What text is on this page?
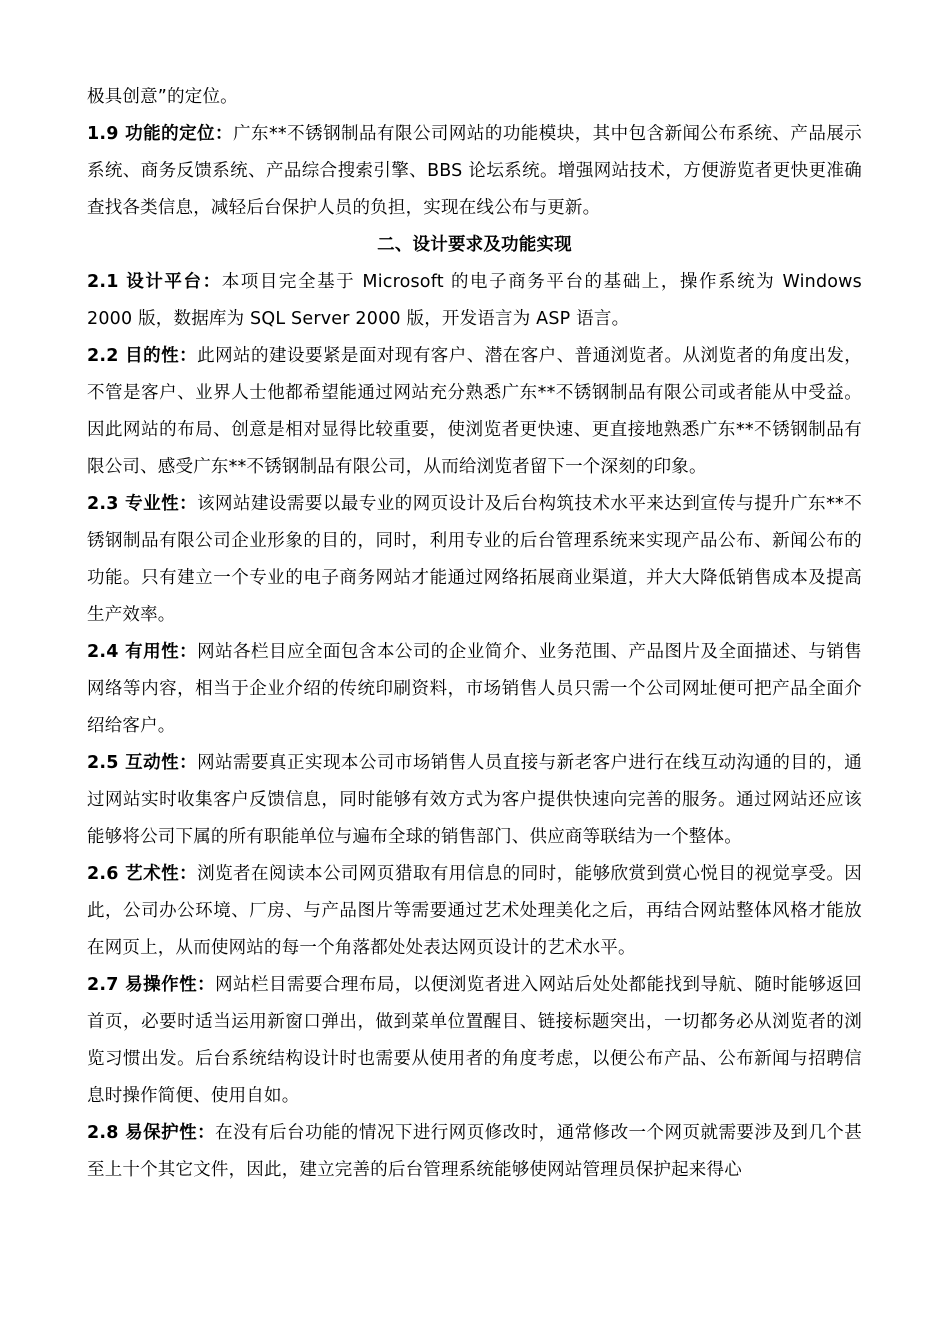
极具创意”的定位。

1.9 功能的定位：广东**不锈钢制品有限公司网站的功能模块，其中包含新闻公布系统、产品展示系统、商务反馈系统、产品综合搜索引擎、BBS 论坛系统。增强网站技术，方便游览者更快更准确查找各类信息，减轻后台保护人员的负担，实现在线公布与更新。

二、设计要求及功能实现

2.1 设计平台：本项目完全基于 Microsoft 的电子商务平台的基础上，操作系统为 Windows 2000 版，数据库为 SQL Server 2000 版，开发语言为 ASP 语言。

2.2 目的性：此网站的建设要紧是面对现有客户、潜在客户、普通浏览者。从浏览者的角度出发，不管是客户、业界人士他都希望能通过网站充分熟悉广东**不锈钢制品有限公司或者能从中受益。因此网站的布局、创意是相对显得比较重要，使浏览者更快速、更直接地熟悉广东**不锈钢制品有限公司、感受广东**不锈钢制品有限公司，从而给浏览者留下一个深刻的印象。

2.3 专业性：该网站建设需要以最专业的网页设计及后台构筑技术水平来达到宣传与提升广东**不锈钢制品有限公司企业形象的目的，同时，利用专业的后台管理系统来实现产品公布、新闻公布的功能。只有建立一个专业的电子商务网站才能通过网络拓展商业渠道，并大大降低销售成本及提高生产效率。

2.4 有用性：网站各栏目应全面包含本公司的企业简介、业务范围、产品图片及全面描述、与销售网络等内容，相当于企业介绍的传统印刷资料，市场销售人员只需一个公司网址便可把产品全面介绍给客户。

2.5 互动性：网站需要真正实现本公司市场销售人员直接与新老客户进行在线互动沟通的目的，通过网站实时收集客户反馈信息，同时能够有效方式为客户提供快速向完善的服务。通过网站还应该能够将公司下属的所有职能单位与遍布全球的销售部门、供应商等联结为一个整体。

2.6 艺术性：浏览者在阅读本公司网页猎取有用信息的同时，能够欣赏到赏心悦目的视觉享受。因此，公司办公环境、厂房、与产品图片等需要通过艺术处理美化之后，再结合网站整体风格才能放在网页上，从而使网站的每一个角落都处处表达网页设计的艺术水平。

2.7 易操作性：网站栏目需要合理布局，以便浏览者进入网站后处处都能找到导航、随时能够返回首页，必要时适当运用新窗口弹出，做到菜单位置醒目、链接标题突出，一切都务必从浏览者的浏览习惯出发。后台系统结构设计时也需要从使用者的角度考虑，以便公布产品、公布新闻与招聘信息时操作简便、使用自如。

2.8 易保护性：在没有后台功能的情况下进行网页修改时，通常修改一个网页就需要涉及到几个甚至上十个其它文件，因此，建立完善的后台管理系统能够使网站管理员保护起来得心
